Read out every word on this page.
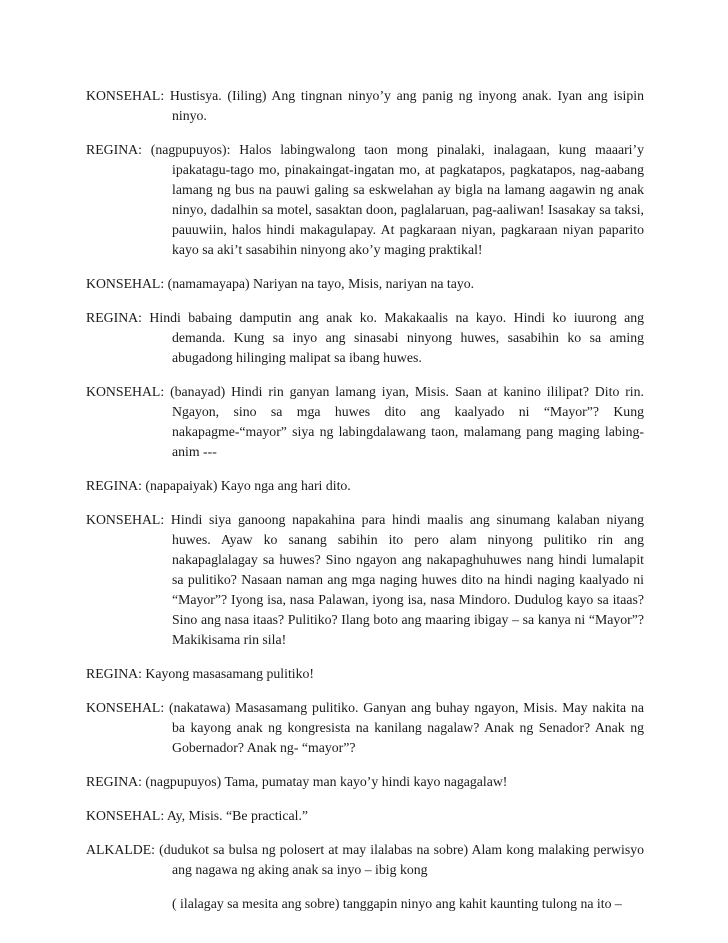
KONSEHAL: Hustisya. (Iiling) Ang tingnan ninyo’y ang panig ng inyong anak. Iyan ang isipin ninyo.

REGINA: (nagpupuyos): Halos labingwalong taon mong pinalaki, inalagaan, kung maaari’y ipakatagu-tago mo, pinakaingat-ingatan mo, at pagkatapos, pagkatapos, nag-aabang lamang ng bus na pauwi galing sa eskwelahan ay bigla na lamang aagawin ng anak ninyo, dadalhin sa motel, sasaktan doon, paglalaruan, pag-aaliwan! Isasakay sa taksi, pauuwiin, halos hindi makagulapay. At pagkaraan niyan, pagkaraan niyan paparito kayo sa aki’t sasabihin ninyong ako’y maging praktikal!

KONSEHAL: (namamayapa) Nariyan na tayo, Misis, nariyan na tayo.

REGINA: Hindi babaing damputin ang anak ko. Makakaalis na kayo. Hindi ko iuurong ang demanda. Kung sa inyo ang sinasabi ninyong huwes, sasabihin ko sa aming abugadong hilinging malipat sa ibang huwes.

KONSEHAL: (banayad) Hindi rin ganyan lamang iyan, Misis. Saan at kanino ililipat? Dito rin. Ngayon, sino sa mga huwes dito ang kaalyado ni “Mayor”? Kung nakapagme-“mayor” siya ng labingdalawang taon, malamang pang maging labing-anim ---

REGINA: (napapaiyak) Kayo nga ang hari dito.

KONSEHAL: Hindi siya ganoong napakahina para hindi maalis ang sinumang kalaban niyang huwes. Ayaw ko sanang sabihin ito pero alam ninyong pulitiko rin ang nakapaglalagay sa huwes? Sino ngayon ang nakapaghuhuwes nang hindi lumalapit sa pulitiko? Nasaan naman ang mga naging huwes dito na hindi naging kaalyado ni “Mayor”? Iyong isa, nasa Palawan, iyong isa, nasa Mindoro. Dudulog kayo sa itaas? Sino ang nasa itaas? Pulitiko? Ilang boto ang maaring ibigay – sa kanya ni “Mayor”? Makikisama rin sila!

REGINA: Kayong masasamang pulitiko!

KONSEHAL: (nakatawa) Masasamang pulitiko. Ganyan ang buhay ngayon, Misis. May nakita na ba kayong anak ng kongresista na kanilang nagalaw? Anak ng Senador? Anak ng Gobernador? Anak ng- “mayor”?

REGINA: (nagpupuyos) Tama, pumatay man kayo’y hindi kayo nagagalaw!

KONSEHAL: Ay, Misis. “Be practical.”

ALKALDE: (dudukot sa bulsa ng polosert at may ilalabas na sobre) Alam kong malaking perwisyo ang nagawa ng aking anak sa inyo – ibig kong

( ilalagay sa mesita ang sobre) tanggapin ninyo ang kahit kaunting tulong na ito –
